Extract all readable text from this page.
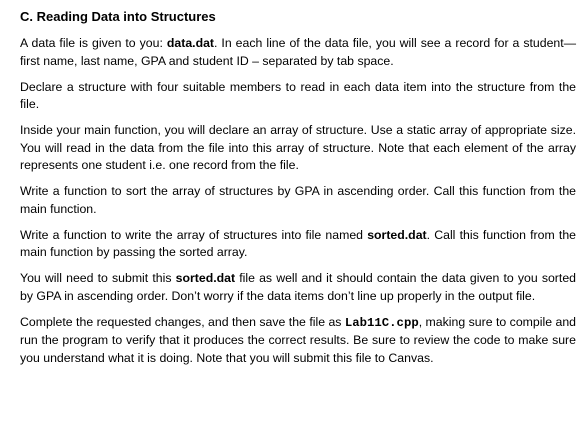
C. Reading Data into Structures

A data file is given to you: data.dat. In each line of the data file, you will see a record for a student—first name, last name, GPA and student ID – separated by tab space.

Declare a structure with four suitable members to read in each data item into the structure from the file.

Inside your main function, you will declare an array of structure. Use a static array of appropriate size. You will read in the data from the file into this array of structure. Note that each element of the array represents one student i.e. one record from the file.

Write a function to sort the array of structures by GPA in ascending order. Call this function from the main function.

Write a function to write the array of structures into file named sorted.dat. Call this function from the main function by passing the sorted array.

You will need to submit this sorted.dat file as well and it should contain the data given to you sorted by GPA in ascending order. Don’t worry if the data items don’t line up properly in the output file.

Complete the requested changes, and then save the file as Lab11C.cpp, making sure to compile and run the program to verify that it produces the correct results. Be sure to review the code to make sure you understand what it is doing. Note that you will submit this file to Canvas.
